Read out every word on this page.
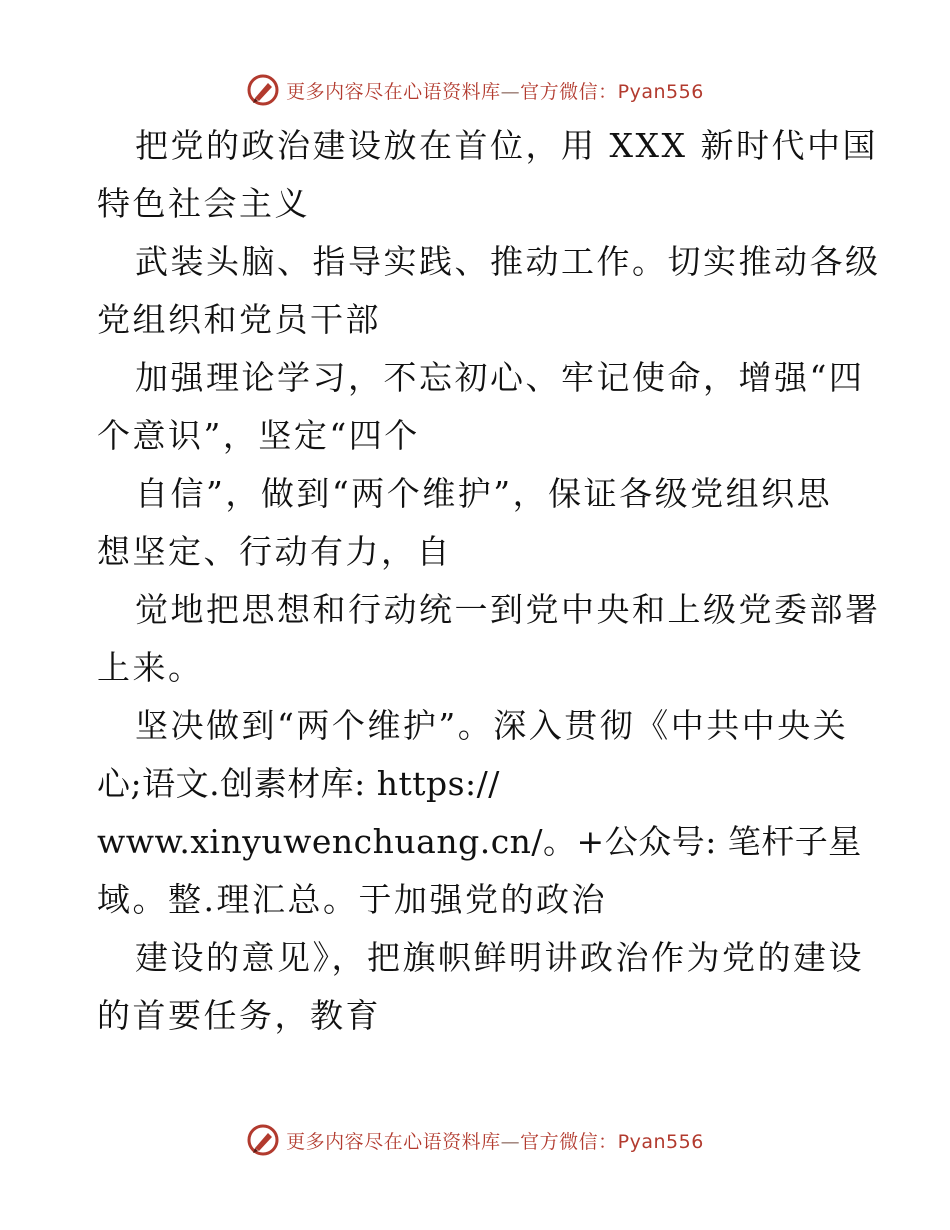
更多内容尽在心语资料库—官方微信：Pyan556
把党的政治建设放在首位，用 XXX 新时代中国
特色社会主义
武装头脑、指导实践、推动工作。切实推动各级
党组织和党员干部
加强理论学习，不忘初心、牢记使命，增强“四
个意识”，坚定“四个
自信”，做到“两个维护”，保证各级党组织思
想坚定、行动有力，自
觉地把思想和行动统一到党中央和上级党委部署
上来。
坚决做到“两个维护”。深入贯彻《中共中央关
心;语文.创素材库: https://
www.xinyuwenchuang.cn/。+公众号: 笔杆子星
域。整.理汇总。于加强党的政治
建设的意见》，把旗帜鲜明讲政治作为党的建设
的首要任务，教育
更多内容尽在心语资料库—官方微信：Pyan556
